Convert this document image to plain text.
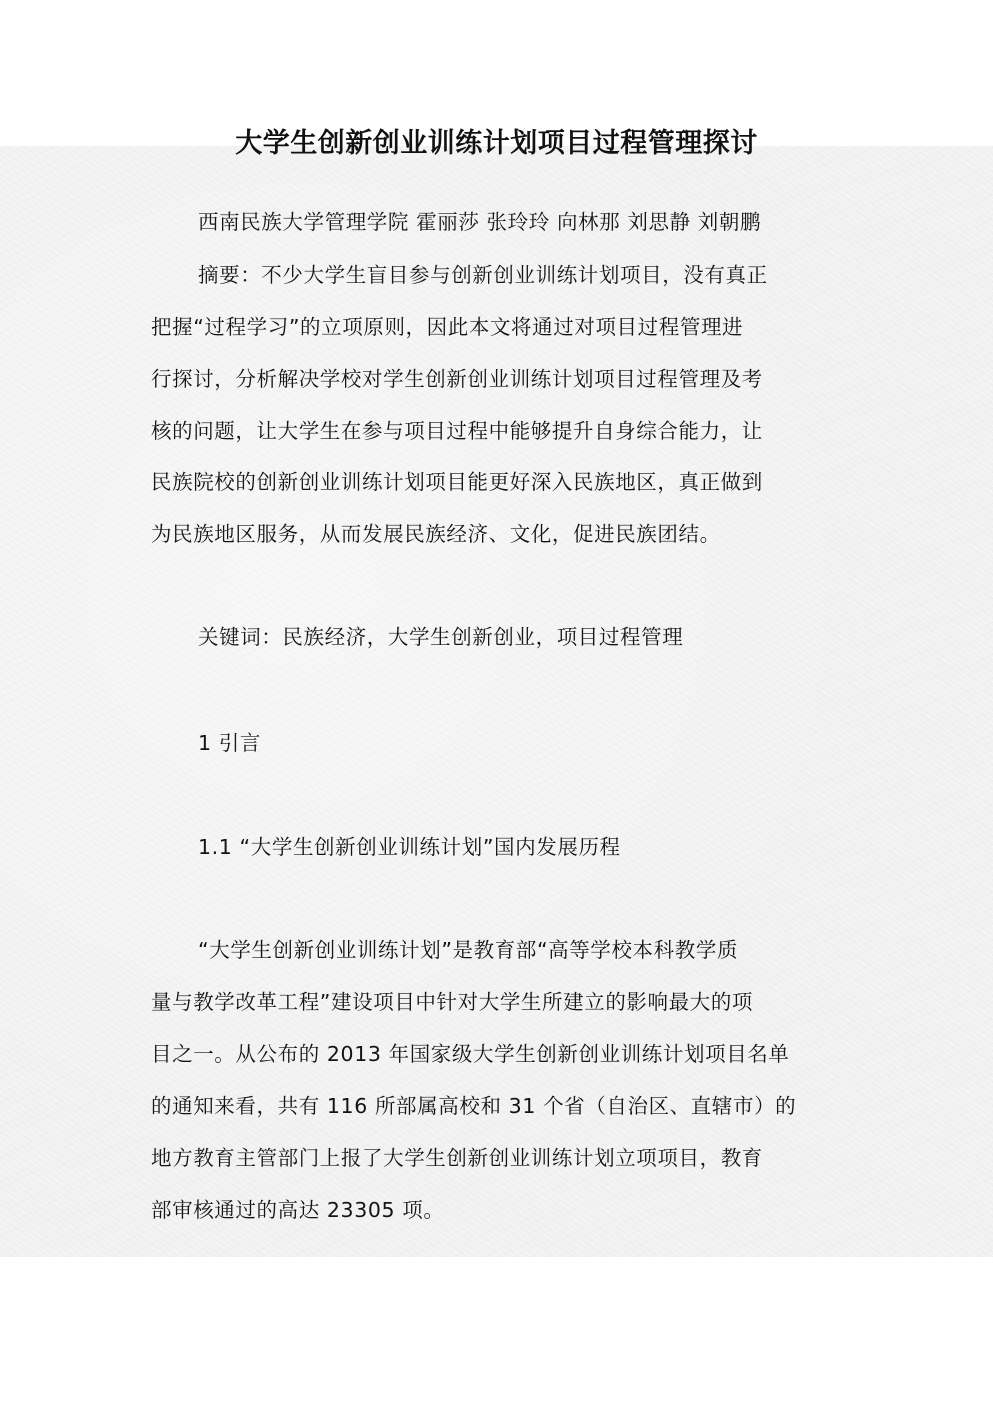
大学生创新创业训练计划项目过程管理探讨
西南民族大学管理学院 霍丽莎 张玲玲 向林那 刘思静 刘朝鹏
摘要：不少大学生盲目参与创新创业训练计划项目，没有真正
把握“过程学习”的立项原则，因此本文将通过对项目过程管理进
行探讨，分析解决学校对学生创新创业训练计划项目过程管理及考
核的问题，让大学生在参与项目过程中能够提升自身综合能力，让
民族院校的创新创业训练计划项目能更好深入民族地区，真正做到
为民族地区服务，从而发展民族经济、文化，促进民族团结。
关键词：民族经济，大学生创新创业，项目过程管理
1 引言
1.1 “大学生创新创业训练计划”国内发展历程
“大学生创新创业训练计划”是教育部“高等学校本科教学质
量与教学改革工程”建设项目中针对大学生所建立的影响最大的项
目之一。从公布的 2013 年国家级大学生创新创业训练计划项目名单
的通知来看，共有 116 所部属高校和 31 个省（自治区、直辖市）的
地方教育主管部门上报了大学生创新创业训练计划立项项目，教育
部审核通过的高达 23305 项。
